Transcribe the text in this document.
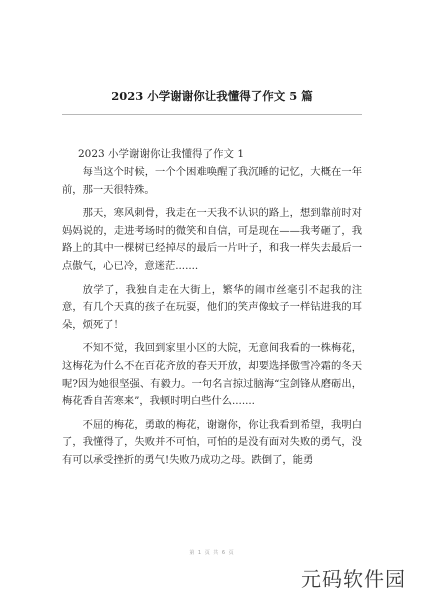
2023 小学谢谢你让我懂得了作文 5 篇
2023 小学谢谢你让我懂得了作文 1

每当这个时候，一个个困难唤醒了我沉睡的记忆，大概在一年前，那一天很特殊。

那天，寒风刺骨，我走在一天我不认识的路上，想到靠前时对妈妈说的，走进考场时的微笑和自信，可是现在——我考砸了，我路上的其中一棵树已经掉尽的最后一片叶子，和我一样失去最后一点傲气，心已冷，意迷茫.......

放学了，我独自走在大街上，繁华的闹市丝毫引不起我的注意，有几个天真的孩子在玩耍，他们的笑声像蚊子一样钻进我的耳朵，烦死了！

不知不觉，我回到家里小区的大院，无意间我看的一株梅花，这梅花为什么不在百花齐放的春天开放，却要选择傲雪冷霜的冬天呢?因为她很坚强、有毅力。一句名言掠过脑海“宝剑锋从磨砺出，梅花香自苦寒来”，我顿时明白些什么.......

不屈的梅花，勇敢的梅花，谢谢你，你让我看到希望，我明白了，我懂得了，失败并不可怕，可怕的是没有面对失败的勇气，没有可以承受挫折的勇气!失败乃成功之母。跌倒了，能勇

第 1 页 共 6 页
元码软件园
